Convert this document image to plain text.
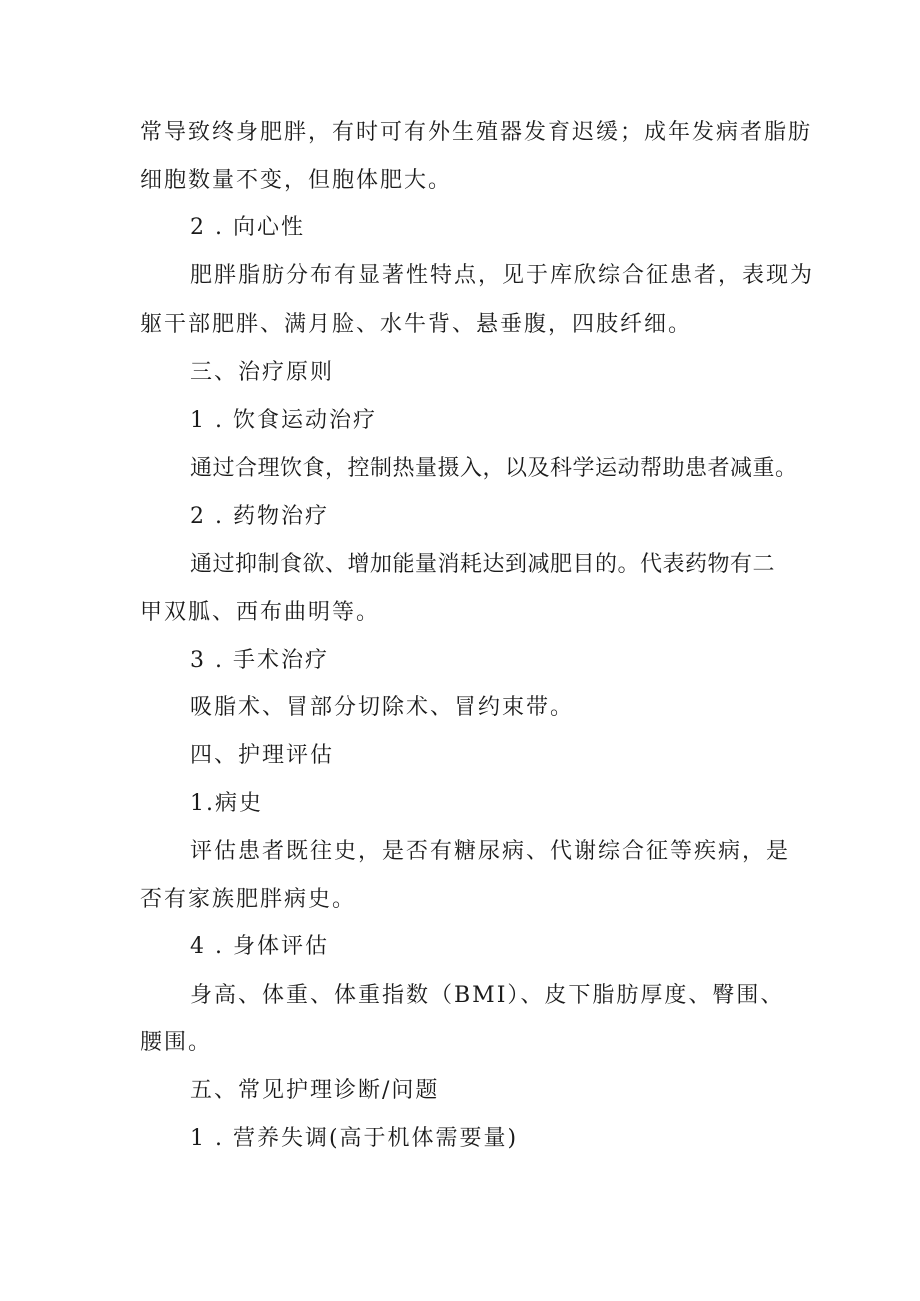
常导致终身肥胖，有时可有外生殖器发育迟缓；成年发病者脂肪
细胞数量不变，但胞体肥大。
2 . 向心性
肥胖脂肪分布有显著性特点，见于库欣综合征患者，表现为
躯干部肥胖、满月脸、水牛背、悬垂腹，四肢纤细。
三、治疗原则
1 . 饮食运动治疗
通过合理饮食，控制热量摄入，以及科学运动帮助患者减重。
2 . 药物治疗
通过抑制食欲、增加能量消耗达到减肥目的。代表药物有二
甲双胍、西布曲明等。
3 . 手术治疗
吸脂术、冒部分切除术、冒约束带。
四、护理评估
1.病史
评估患者既往史，是否有糖尿病、代谢综合征等疾病，是
否有家族肥胖病史。
4 . 身体评估
身高、体重、体重指数（BMI）、皮下脂肪厚度、臀围、
腰围。
五、常见护理诊断/问题
1 . 营养失调(高于机体需要量)
